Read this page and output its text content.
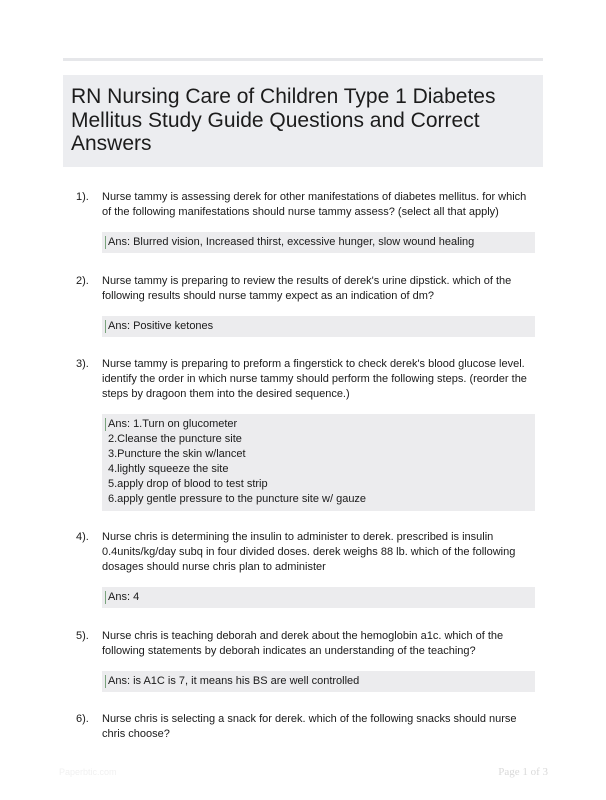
RN Nursing Care of Children Type 1 Diabetes Mellitus Study Guide Questions and Correct Answers
1). Nurse tammy is assessing derek for other manifestations of diabetes mellitus. for which of the following manifestations should nurse tammy assess? (select all that apply)
Ans: Blurred vision, Increased thirst, excessive hunger, slow wound healing
2). Nurse tammy is preparing to review the results of derek's urine dipstick. which of the following results should nurse tammy expect as an indication of dm?
Ans: Positive ketones
3). Nurse tammy is preparing to preform a fingerstick to check derek's blood glucose level. identify the order in which nurse tammy should perform the following steps. (reorder the steps by dragoon them into the desired sequence.)
Ans: 1.Turn on glucometer
2.Cleanse the puncture site
3.Puncture the skin w/lancet
4.lightly squeeze the site
5.apply drop of blood to test strip
6.apply gentle pressure to the puncture site w/ gauze
4). Nurse chris is determining the insulin to administer to derek. prescribed is insulin 0.4units/kg/day subq in four divided doses. derek weighs 88 lb. which of the following dosages should nurse chris plan to administer
Ans: 4
5). Nurse chris is teaching deborah and derek about the hemoglobin a1c. which of the following statements by deborah indicates an understanding of the teaching?
Ans: is A1C is 7, it means his BS are well controlled
6). Nurse chris is selecting a snack for derek. which of the following snacks should nurse chris choose?
Paperbtic.com	Page 1 of 3
